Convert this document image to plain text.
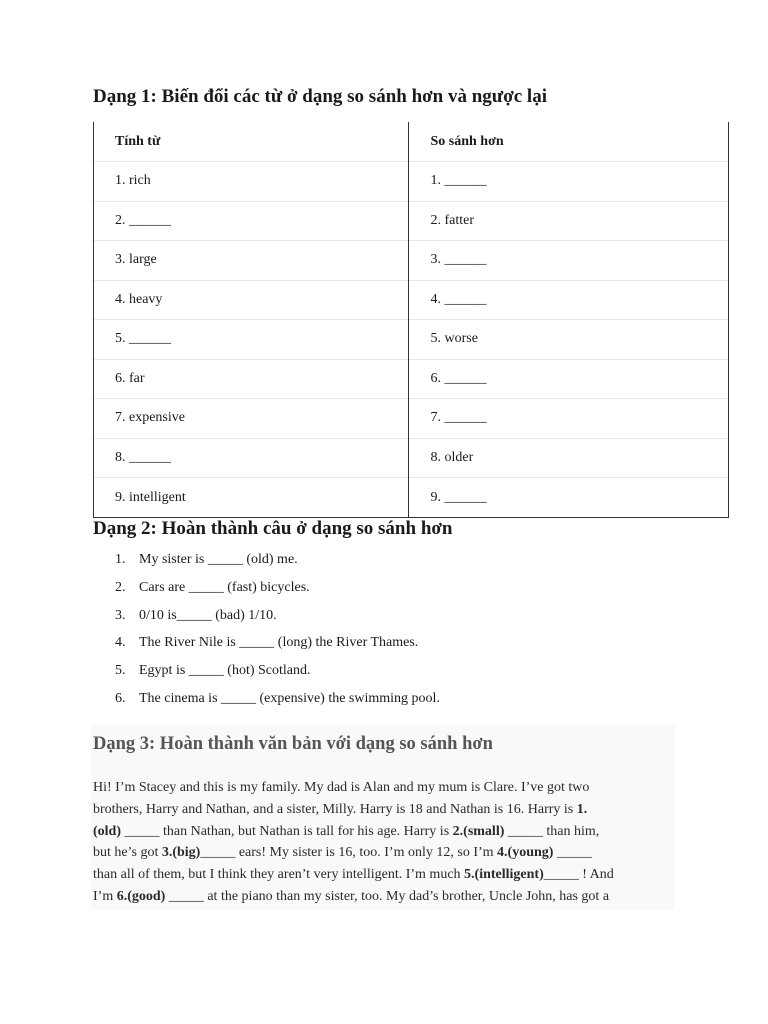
Dạng 1: Biến đổi các từ ở dạng so sánh hơn và ngược lại
Tính từ	So sánh hơn
1. rich	1. ______
2. ______	2. fatter
3. large	3. ______
4. heavy	4. ______
5. ______	5. worse
6. far	6. ______
7. expensive	7. ______
8. ______	8. older
9. intelligent	9. ______
Dạng 2: Hoàn thành câu ở dạng so sánh hơn
1. My sister is _____ (old) me.
2. Cars are _____ (fast) bicycles.
3. 0/10 is_____ (bad) 1/10.
4. The River Nile is _____ (long) the River Thames.
5. Egypt is _____ (hot) Scotland.
6. The cinema is _____ (expensive) the swimming pool.
Dạng 3: Hoàn thành văn bản với dạng so sánh hơn

Hi! I’m Stacey and this is my family. My dad is Alan and my mum is Clare. I’ve got two
brothers, Harry and Nathan, and a sister, Milly. Harry is 18 and Nathan is 16. Harry is 1.
(old) _____ than Nathan, but Nathan is tall for his age. Harry is 2.(small) _____ than him,
but he’s got 3.(big)_____ ears! My sister is 16, too. I’m only 12, so I’m 4.(young) _____
than all of them, but I think they aren’t very intelligent. I’m much 5.(intelligent)_____ ! And
I’m 6.(good) _____ at the piano than my sister, too. My dad’s brother, Uncle John, has got a
